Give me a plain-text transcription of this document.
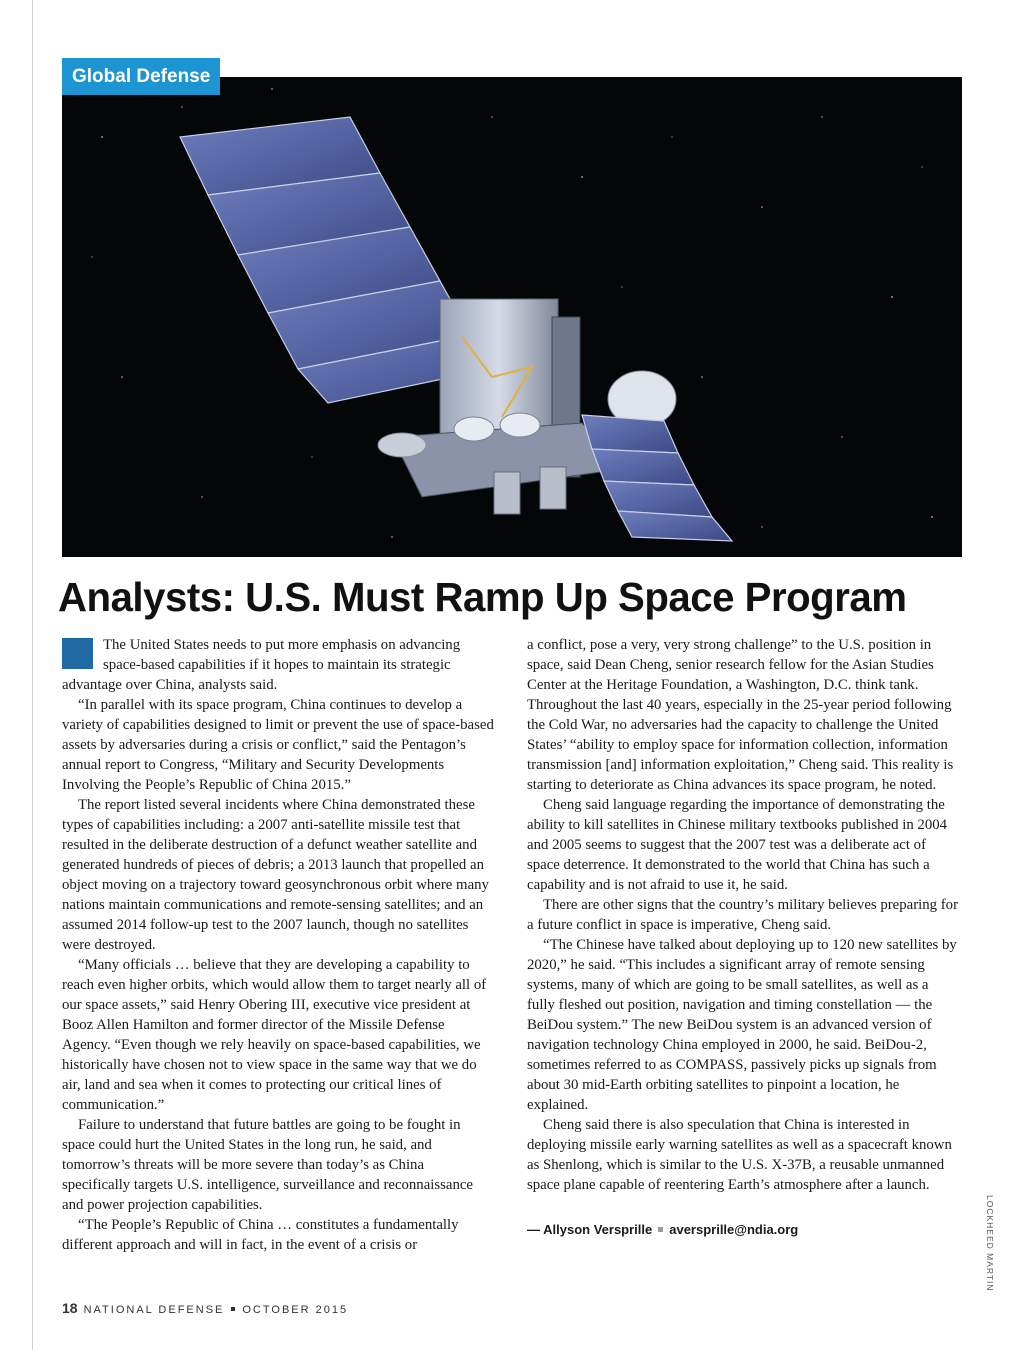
Global Defense
Analysts: U.S. Must Ramp Up Space Program

The United States needs to put more emphasis on advancing space-based capabilities if it hopes to maintain its strategic advantage over China, analysts said.

“In parallel with its space program, China continues to develop a variety of capabilities designed to limit or prevent the use of space-based assets by adversaries during a crisis or conflict,” said the Pentagon’s annual report to Congress, “Military and Security Developments Involving the People’s Republic of China 2015.”

The report listed several incidents where China demonstrated these types of capabilities including: a 2007 anti-satellite missile test that resulted in the deliberate destruction of a defunct weather satellite and generated hundreds of pieces of debris; a 2013 launch that propelled an object moving on a trajectory toward geosynchronous orbit where many nations maintain communications and remote-sensing satellites; and an assumed 2014 follow-up test to the 2007 launch, though no satellites were destroyed.

“Many officials … believe that they are developing a capability to reach even higher orbits, which would allow them to target nearly all of our space assets,” said Henry Obering III, executive vice president at Booz Allen Hamilton and former director of the Missile Defense Agency. “Even though we rely heavily on space-based capabilities, we historically have chosen not to view space in the same way that we do air, land and sea when it comes to protecting our critical lines of communication.”

Failure to understand that future battles are going to be fought in space could hurt the United States in the long run, he said, and tomorrow’s threats will be more severe than today’s as China specifically targets U.S. intelligence, surveillance and reconnaissance and power projection capabilities.

“The People’s Republic of China … constitutes a fundamentally different approach and will in fact, in the event of a crisis or

a conflict, pose a very, very strong challenge” to the U.S. position in space, said Dean Cheng, senior research fellow for the Asian Studies Center at the Heritage Foundation, a Washington, D.C. think tank. Throughout the last 40 years, especially in the 25-year period following the Cold War, no adversaries had the capacity to challenge the United States’ “ability to employ space for information collection, information transmission [and] information exploitation,” Cheng said. This reality is starting to deteriorate as China advances its space program, he noted.

Cheng said language regarding the importance of demonstrating the ability to kill satellites in Chinese military textbooks published in 2004 and 2005 seems to suggest that the 2007 test was a deliberate act of space deterrence. It demonstrated to the world that China has such a capability and is not afraid to use it, he said.

There are other signs that the country’s military believes preparing for a future conflict in space is imperative, Cheng said.

“The Chinese have talked about deploying up to 120 new satellites by 2020,” he said. “This includes a significant array of remote sensing systems, many of which are going to be small satellites, as well as a fully fleshed out position, navigation and timing constellation — the BeiDou system.” The new BeiDou system is an advanced version of navigation technology China employed in 2000, he said. BeiDou-2, sometimes referred to as COMPASS, passively picks up signals from about 30 mid-Earth orbiting satellites to pinpoint a location, he explained.

Cheng said there is also speculation that China is interested in deploying missile early warning satellites as well as a spacecraft known as Shenlong, which is similar to the U.S. X-37B, a reusable unmanned space plane capable of reentering Earth’s atmosphere after a launch.

— Allyson Versprille aversprille@ndia.org	LOCKHEED MARTIN
18 NATIONAL DEFENSE OCTOBER 2015
